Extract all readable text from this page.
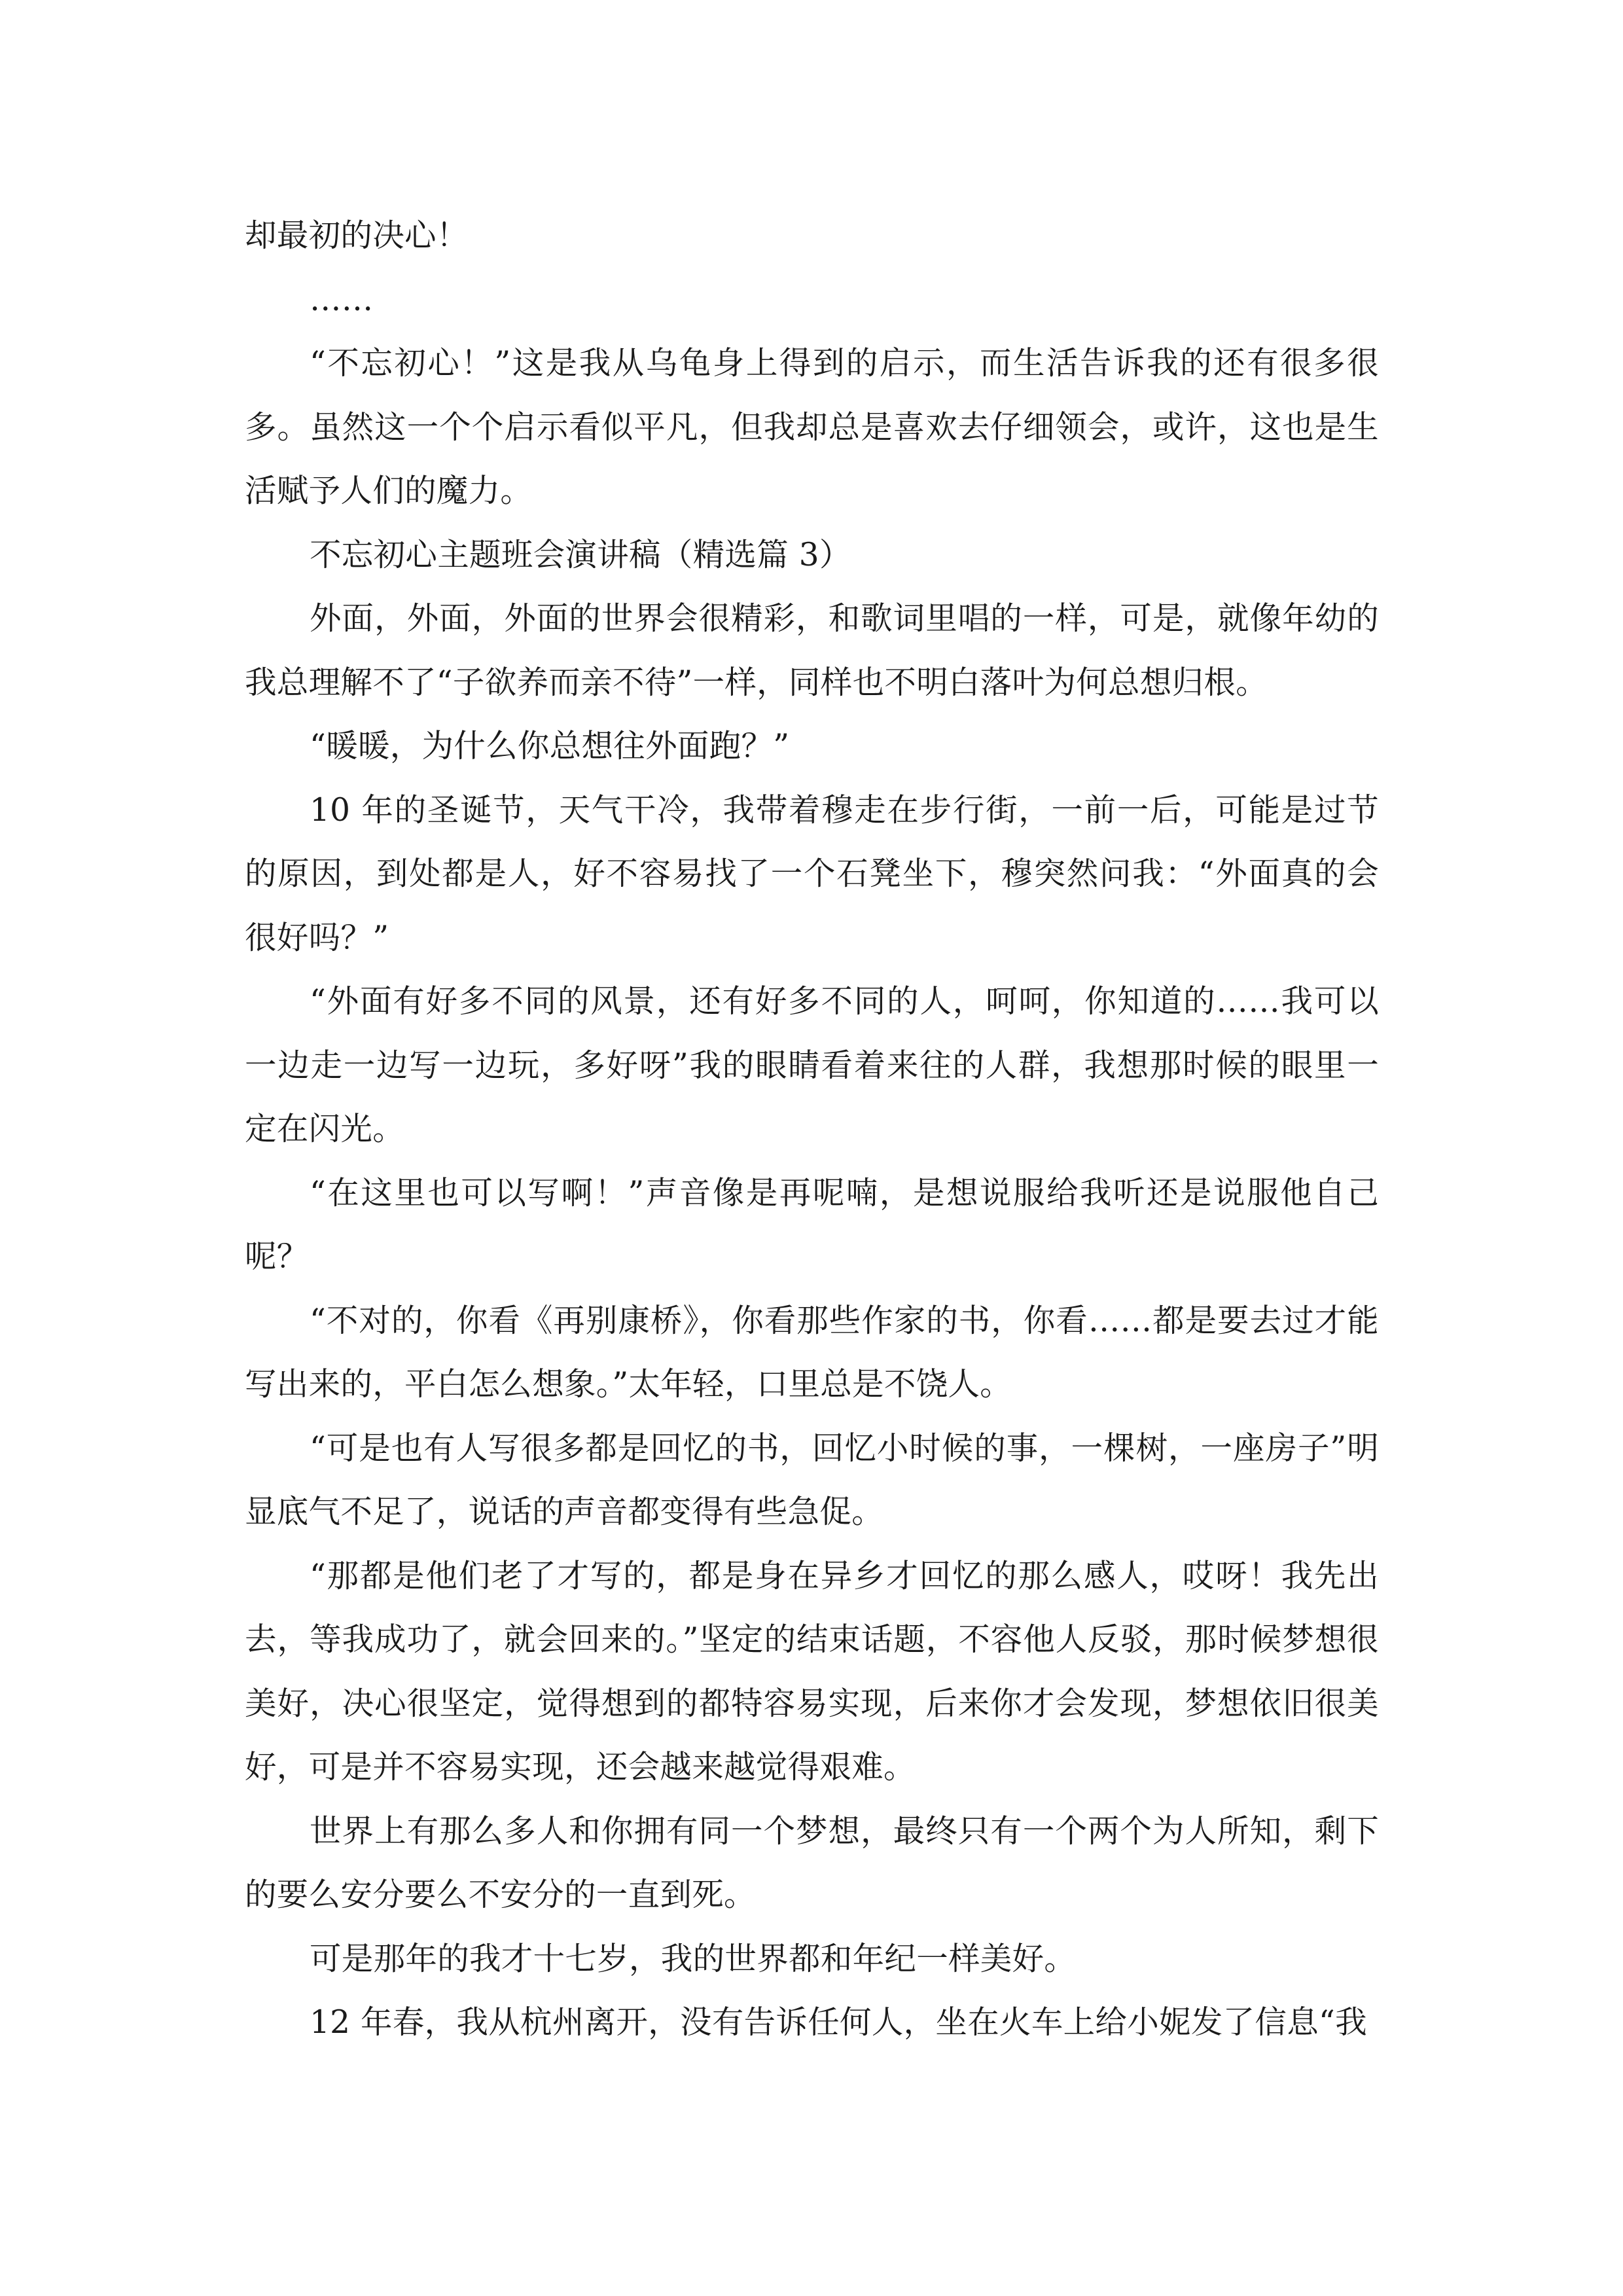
却最初的决心！

……

“不忘初心！”这是我从乌龟身上得到的启示，而生活告诉我的还有很多很多。虽然这一个个启示看似平凡，但我却总是喜欢去仔细领会，或许，这也是生活赋予人们的魔力。

不忘初心主题班会演讲稿（精选篇 3）

外面，外面，外面的世界会很精彩，和歌词里唱的一样，可是，就像年幼的我总理解不了“子欲养而亲不待”一样，同样也不明白落叶为何总想归根。

“暖暖，为什么你总想往外面跑？”

10 年的圣诞节，天气干冷，我带着穆走在步行街，一前一后，可能是过节的原因，到处都是人，好不容易找了一个石凳坐下，穆突然问我：“外面真的会很好吗？”

“外面有好多不同的风景，还有好多不同的人，呵呵，你知道的……我可以一边走一边写一边玩，多好呀”我的眼睛看着来往的人群，我想那时候的眼里一定在闪光。

“在这里也可以写啊！”声音像是再呢喃，是想说服给我听还是说服他自己呢？

“不对的，你看《再别康桥》，你看那些作家的书，你看……都是要去过才能写出来的，平白怎么想象。”太年轻，口里总是不饶人。

“可是也有人写很多都是回忆的书，回忆小时候的事，一棵树，一座房子”明显底气不足了，说话的声音都变得有些急促。

“那都是他们老了才写的，都是身在异乡才回忆的那么感人，哎呀！我先出去，等我成功了，就会回来的。”坚定的结束话题，不容他人反驳，那时候梦想很美好，决心很坚定，觉得想到的都特容易实现，后来你才会发现，梦想依旧很美好，可是并不容易实现，还会越来越觉得艰难。

世界上有那么多人和你拥有同一个梦想，最终只有一个两个为人所知，剩下的要么安分要么不安分的一直到死。

可是那年的我才十七岁，我的世界都和年纪一样美好。

12 年春，我从杭州离开，没有告诉任何人，坐在火车上给小妮发了信息“我
